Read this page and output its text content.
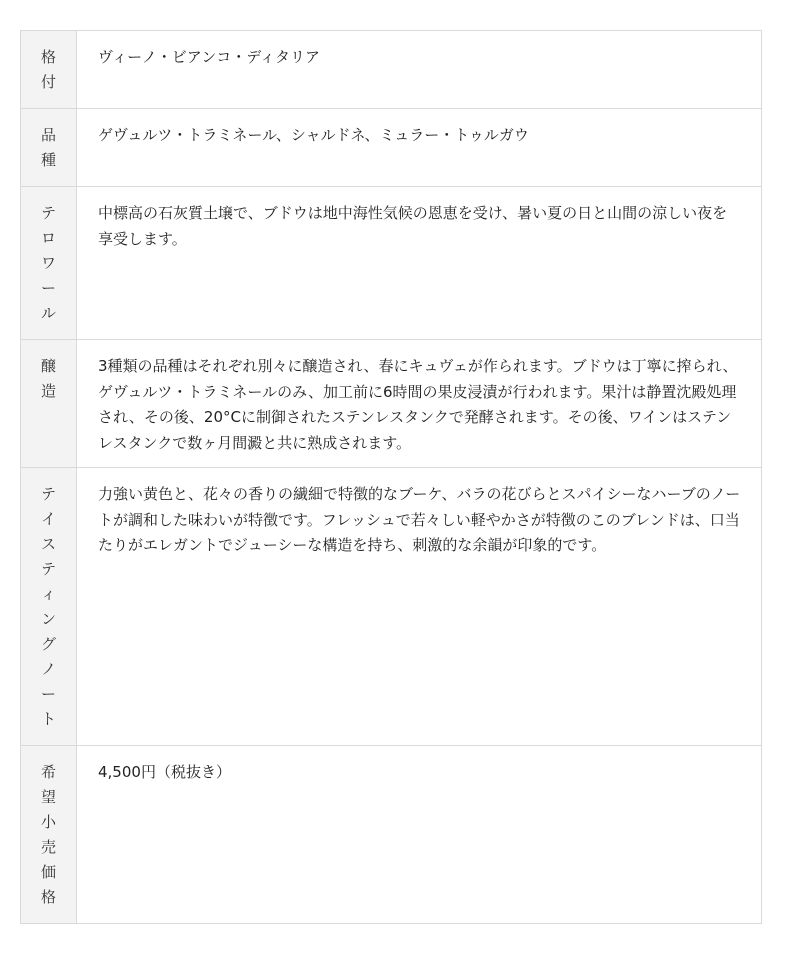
格付	ヴィーノ・ビアンコ・ディタリア

品種	ゲヴュルツ・トラミネール、シャルドネ、ミュラー・トゥルガウ

テロワール	中標高の石灰質土壌で、ブドウは地中海性気候の恩恵を受け、暑い夏の日と山間の涼しい夜を享受します。

醸造	3種類の品種はそれぞれ別々に醸造され、春にキュヴェが作られます。ブドウは丁寧に搾られ、ゲヴュルツ・トラミネールのみ、加工前に6時間の果皮浸漬が行われます。果汁は静置沈殿処理され、その後、20°Cに制御されたステンレスタンクで発酵されます。その後、ワインはステンレスタンクで数ヶ月間澱と共に熟成されます。

テイスティングノート	力強い黄色と、花々の香りの繊細で特徴的なブーケ、バラの花びらとスパイシーなハーブのノートが調和した味わいが特徴です。フレッシュで若々しい軽やかさが特徴のこのブレンドは、口当たりがエレガントでジューシーな構造を持ち、刺激的な余韻が印象的です。

希望小売価格	4,500円（税抜き）
